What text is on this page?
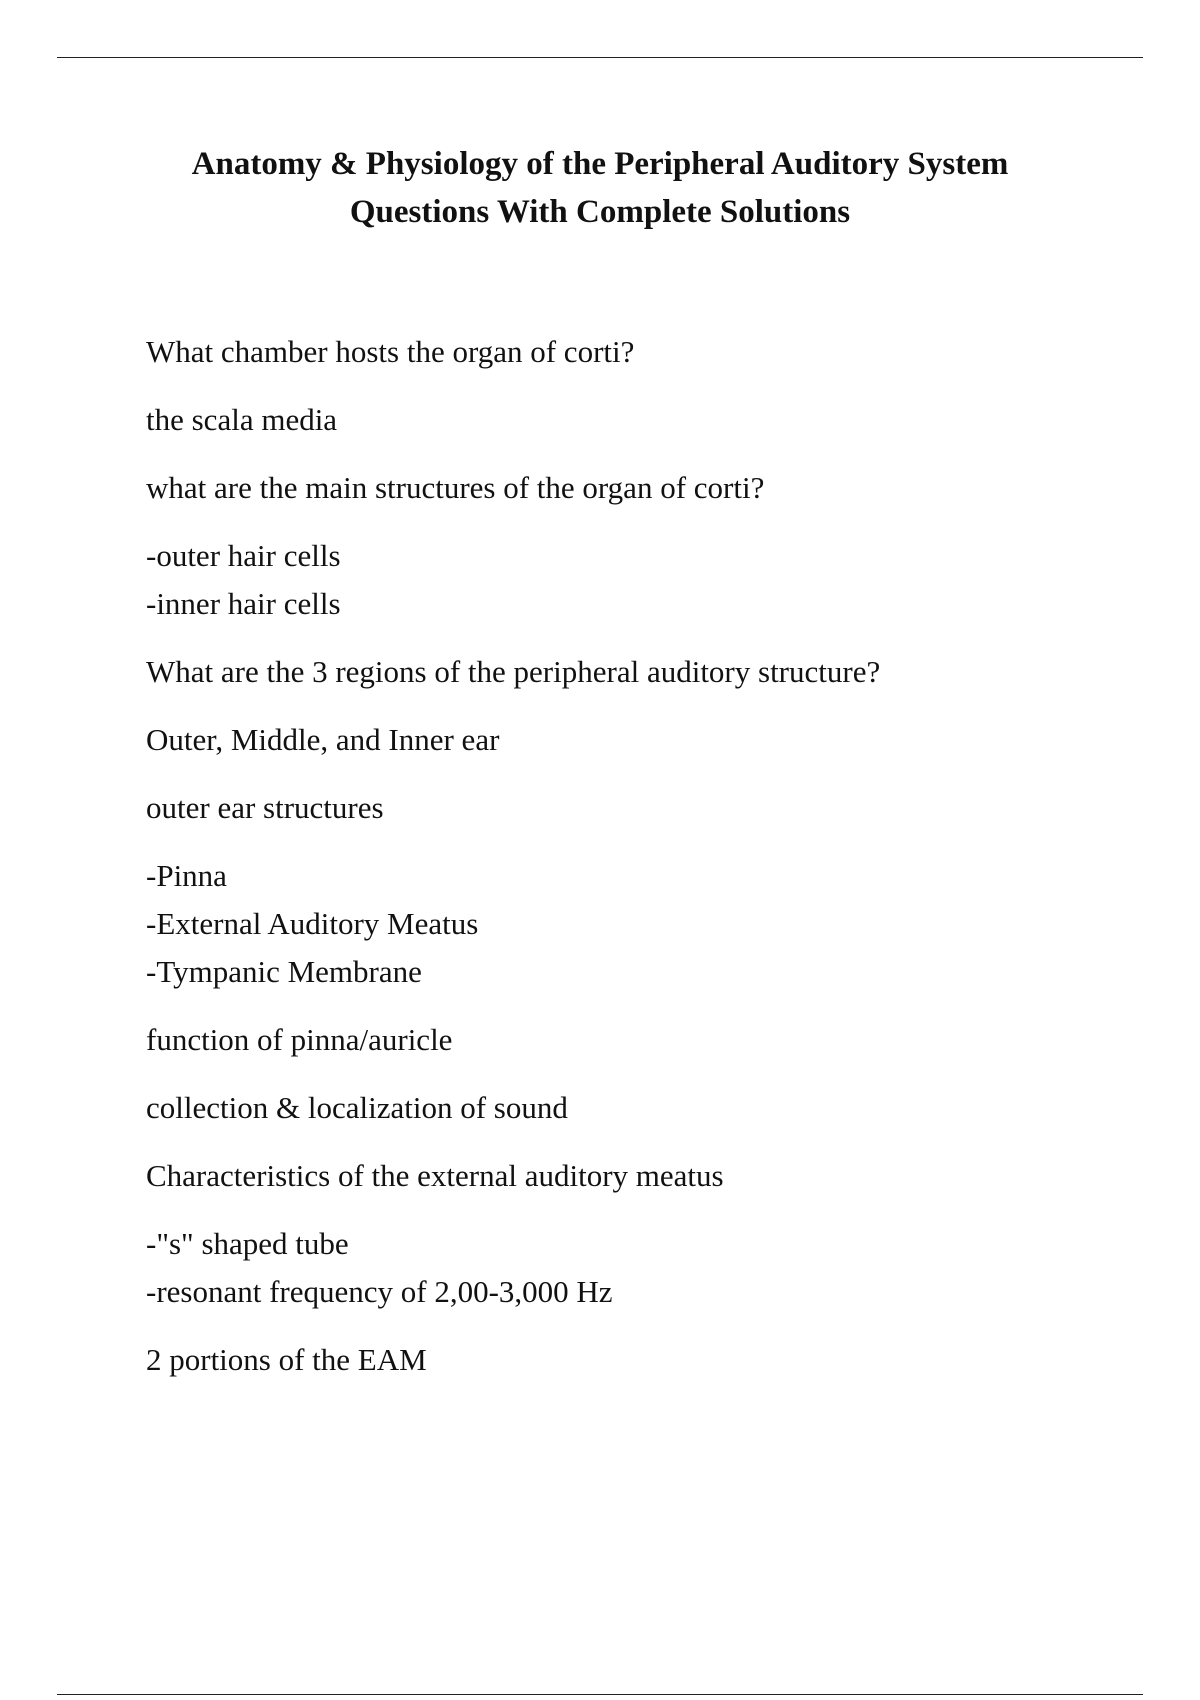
Anatomy & Physiology of the Peripheral Auditory System
Questions With Complete Solutions

What chamber hosts the organ of corti?

the scala media

what are the main structures of the organ of corti?

-outer hair cells
-inner hair cells

What are the 3 regions of the peripheral auditory structure?

Outer, Middle, and Inner ear

outer ear structures

-Pinna
-External Auditory Meatus
-Tympanic Membrane

function of pinna/auricle

collection & localization of sound

Characteristics of the external auditory meatus

-"s" shaped tube
-resonant frequency of 2,00-3,000 Hz

2 portions of the EAM
